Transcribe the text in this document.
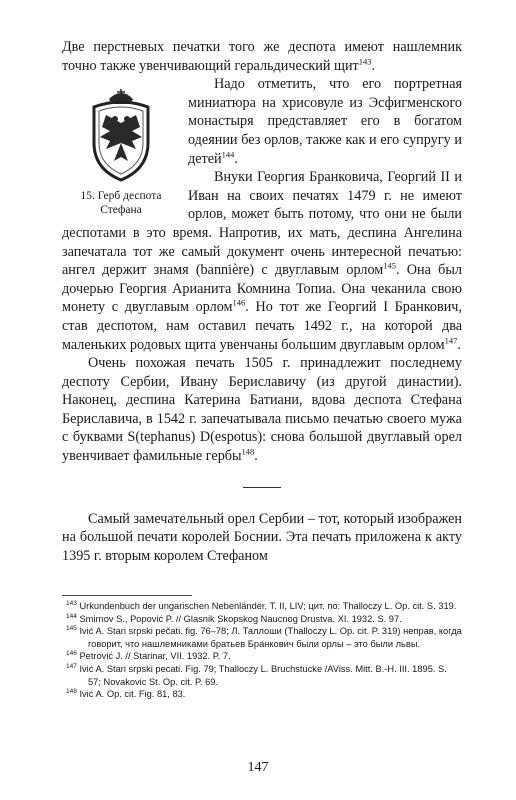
Две перстневых печатки того же деспота имеют нашлемник точно также увенчивающий геральдический щит$^{143}$.

15. Герб деспота Стефана

Надо отметить, что его портретная миниатюра на хрисовуле из Эсфигменского монастыря представляет его в богатом одеянии без орлов, также как и его супругу и детей$^{144}$.

Внуки Георгия Бранковича, Георгий II и Иван на своих печатях 1479 г. не имеют орлов, может быть потому, что они не были деспотами в это время. Напротив, их мать, деспина Ангелина запечатала тот же самый документ очень интересной печатью: ангел держит знамя (bannière) с двуглавым орлом$^{145}$. Она был дочерью Георгия Арианита Комнина Топиа. Она чеканила свою монету с двуглавым орлом$^{146}$. Но тот же Георгий I Бранкович, став деспотом, нам оставил печать 1492 г., на которой два маленьких родовых щита увенчаны большим двуглавым орлом$^{147}$.

Очень похожая печать 1505 г. принадлежит последнему деспоту Сербии, Ивану Бериславичу (из другой династии). Наконец, деспина Катерина Батиани, вдова деспота Стефана Бериславича, в 1542 г. запечатывала письмо печатью своего мужа с буквами S(tephanus) D(espotus): снова большой двуглавый орел увенчивает фамильные гербы$^{148}$.

Самый замечательный орел Сербии – тот, который изображен на большой печати королей Боснии. Эта печать приложена к акту 1395 г. вторым королем Стефаном

$^{143}$ Urkundenbuch der ungarischen Nebenländer. T. II, LIV; цит. по: Thalloczy L. Op. cit. S. 319.
$^{144}$ Smirnov S., Popović P. // Glasnik Skopskog Naucnog Drustva. XI. 1932. S. 97.
$^{145}$ Ivić A. Stari srpski pečati. fig. 76–78; Л. Таллоши (Thalloczy L. Op. cit. P. 319) неправ, когда говорит, что нашлемниками братьев Бранкович были орлы – это были львы.
$^{146}$ Petrović J. // Starinar, VII. 1932. P. 7.
$^{147}$ Ivić A. Stari srpski pecati. Fig. 79; Thalloczy L. Bruchstucke /AViss. Mitt. B.-H. III. 1895. S. 57; Novakovic St. Op. cit. P. 69.
$^{148}$ Ivić A. Op. cit. Fig. 81, 83.
147
